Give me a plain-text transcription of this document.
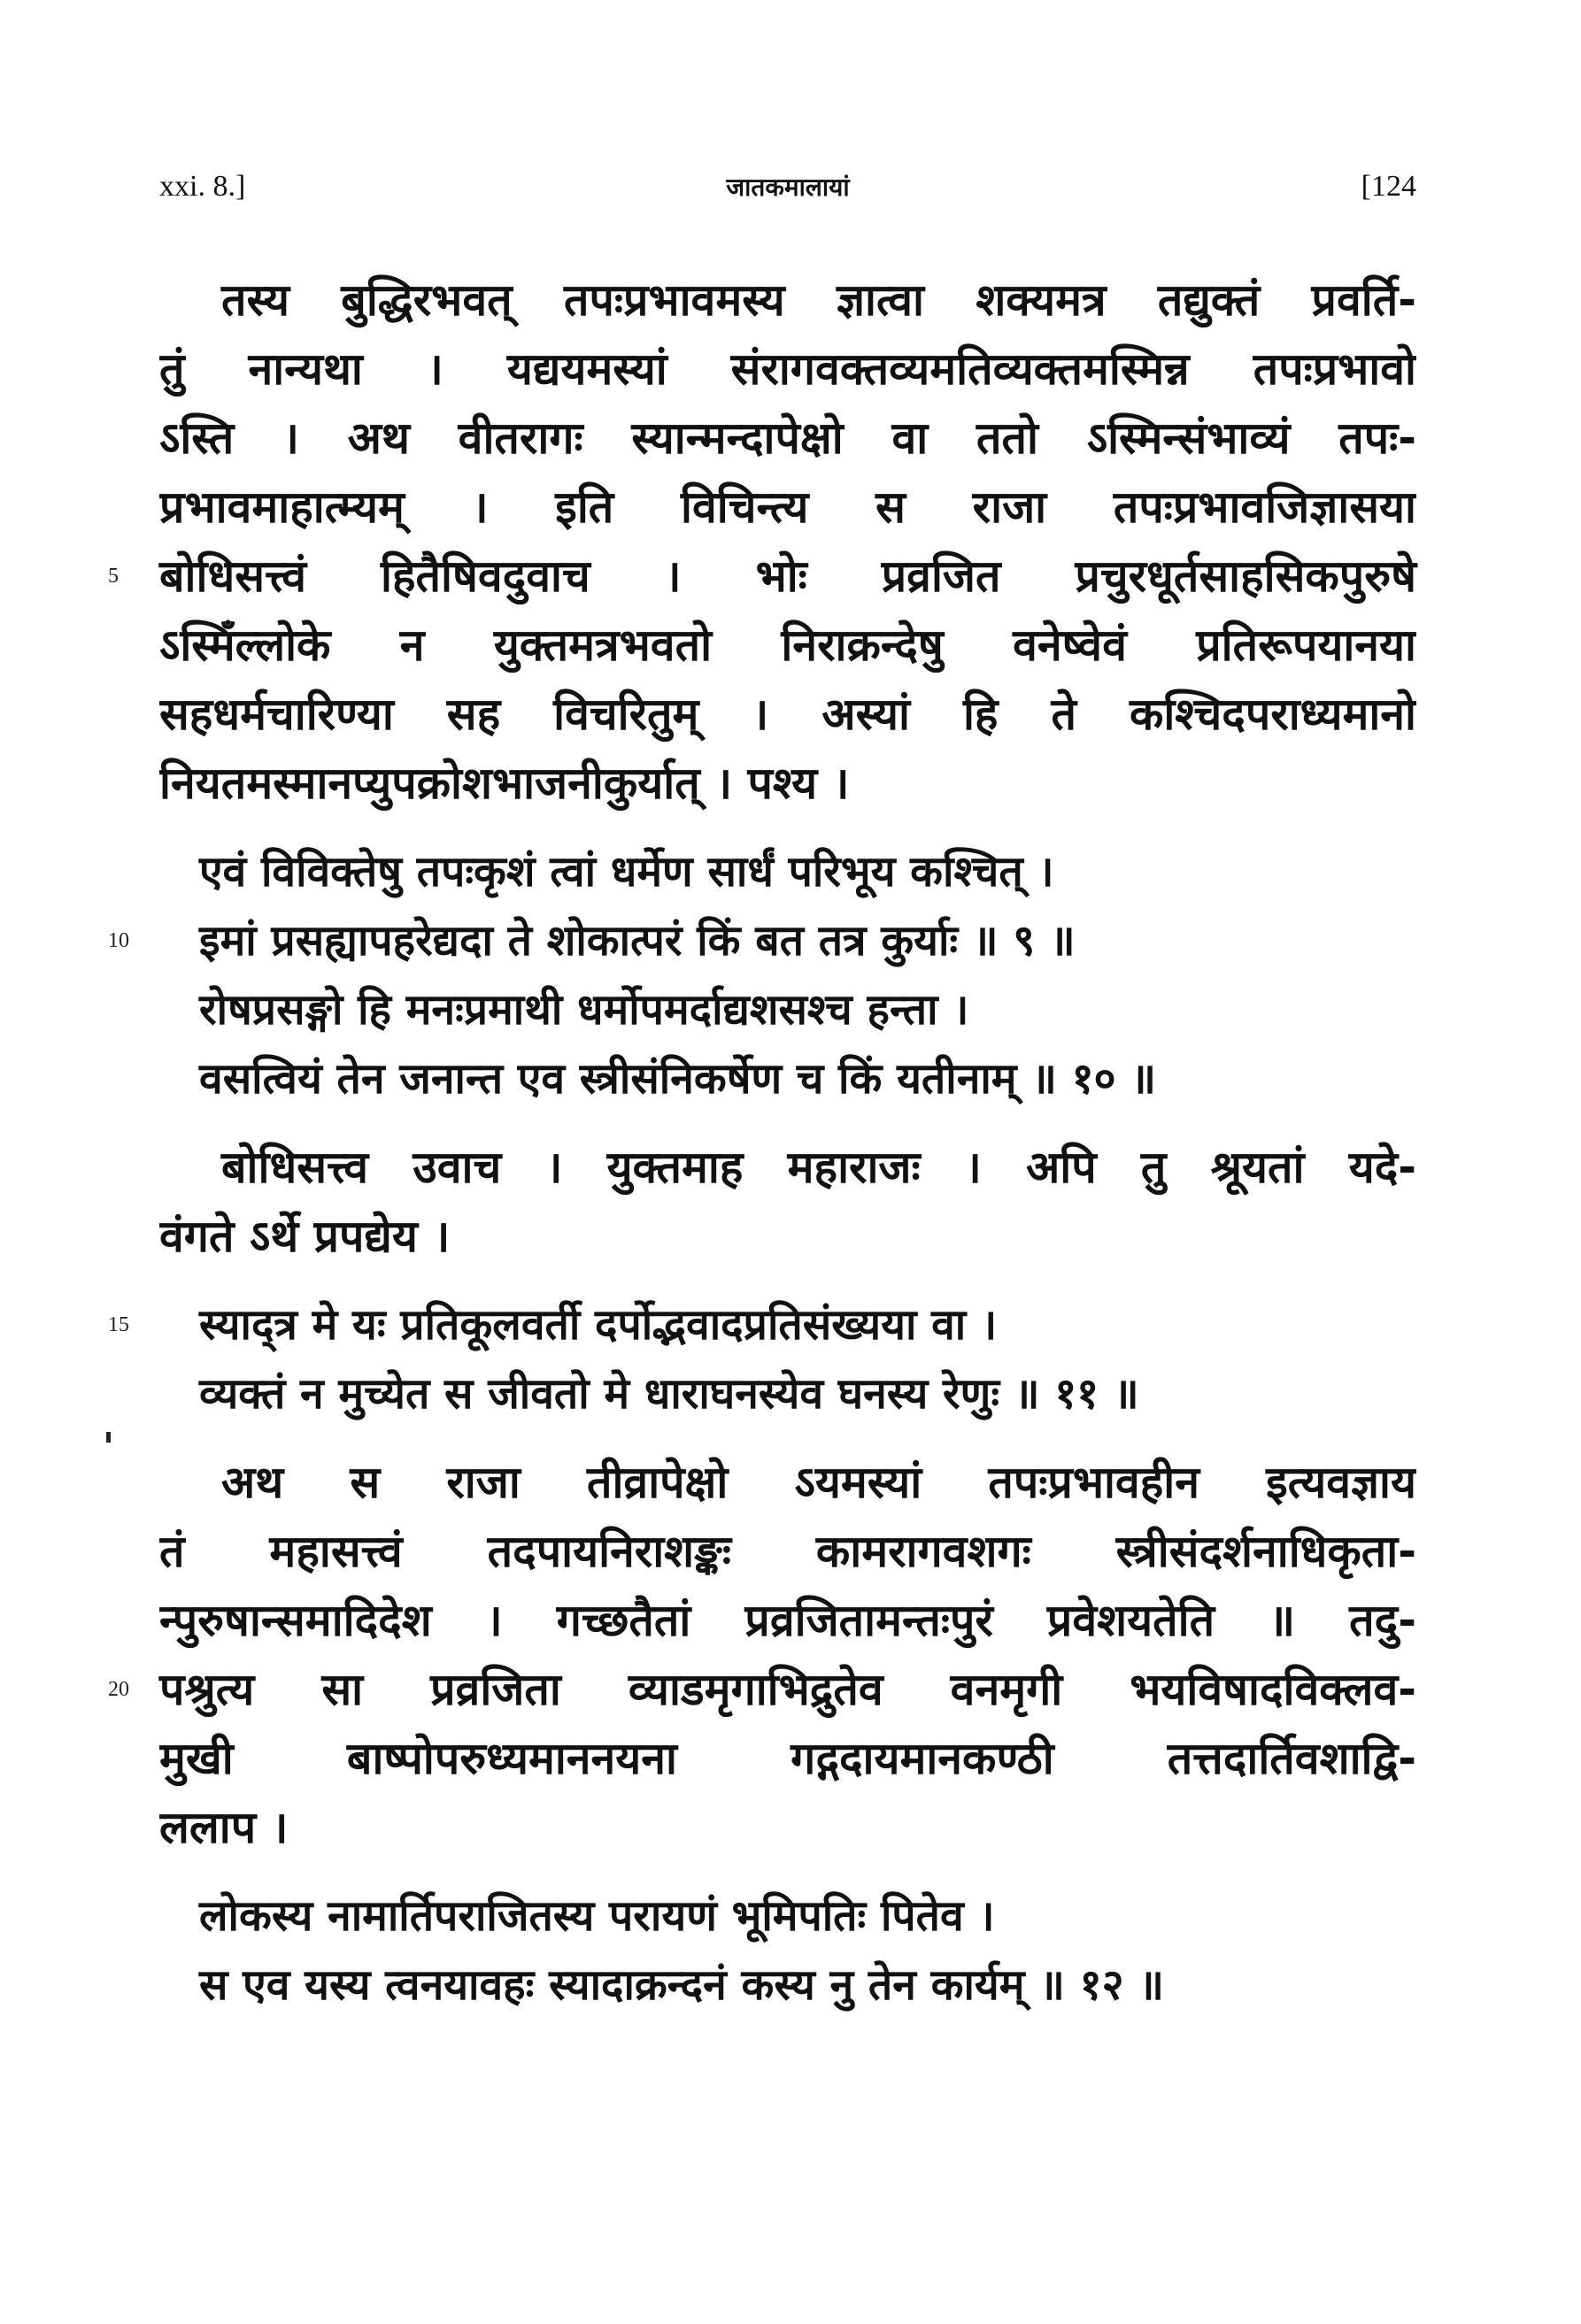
xxi. 8.]	जातकमालायां	[124
तस्य बुद्धिरभवत् तपःप्रभावमस्य ज्ञात्वा शक्यमत्र तद्युक्तं प्रवर्ति-
तुं नान्यथा । यद्ययमस्यां संरागवक्तव्यमतिव्यक्तमस्मिन्न तपःप्रभावो
ऽस्ति । अथ वीतरागः स्यान्मन्दापेक्षो वा ततो ऽस्मिन्संभाव्यं तपः-
प्रभावमाहात्म्यम् । इति विचिन्त्य स राजा तपःप्रभावजिज्ञासया
5 बोधिसत्त्वं हितैषिवदुवाच । भोः प्रव्रजित प्रचुरधूर्तसाहसिकपुरुषे
ऽस्मिँल्लोके न युक्तमत्रभवतो निराक्रन्देषु वनेष्वेवं प्रतिरूपयानया
सहधर्मचारिण्या सह विचरितुम् । अस्यां हि ते कश्चिदपराध्यमानो
नियतमस्मानप्युपक्रोशभाजनीकुर्यात् । पश्य ।
एवं विविक्तेषु तपःकृशं त्वां धर्मेण सार्धं परिभूय कश्चित् ।
10 इमां प्रसह्यापहरेद्यदा ते शोकात्परं किं बत तत्र कुर्याः ॥ ९ ॥
रोषप्रसङ्गो हि मनःप्रमाथी धर्मोपमर्दाद्यशसश्च हन्ता ।
वसत्वियं तेन जनान्त एव स्त्रीसंनिकर्षेण च किं यतीनाम् ॥ १० ॥
बोधिसत्त्व उवाच । युक्तमाह महाराजः । अपि तु श्रूयतां यदे-
वंगते ऽर्थे प्रपद्येय ।
15 स्याद्त्र मे यः प्रतिकूलवर्ती दर्पोद्भवादप्रतिसंख्यया वा ।
व्यक्तं न मुच्येत स जीवतो मे धाराघनस्येव घनस्य रेणुः ॥ ११ ॥
अथ स राजा तीव्रापेक्षो ऽयमस्यां तपःप्रभावहीन इत्यवज्ञाय
तं महासत्त्वं तदपायनिराशङ्कः कामरागवशगः स्त्रीसंदर्शनाधिकृता-
न्पुरुषान्समादिदेश । गच्छतैतां प्रव्रजितामन्तःपुरं प्रवेशयतेति ॥ तदु-
20 पश्रुत्य सा प्रव्रजिता व्याडमृगाभिद्रुतेव वनमृगी भयविषादविक्लव-
मुखी बाष्पोपरुध्यमाननयना गद्गदायमानकण्ठी तत्तदार्तिवशाद्वि-
ललाप ।
लोकस्य नामार्तिपराजितस्य परायणं भूमिपतिः पितेव ।
स एव यस्य त्वनयावहः स्यादाक्रन्दनं कस्य नु तेन कार्यम् ॥ १२ ॥
